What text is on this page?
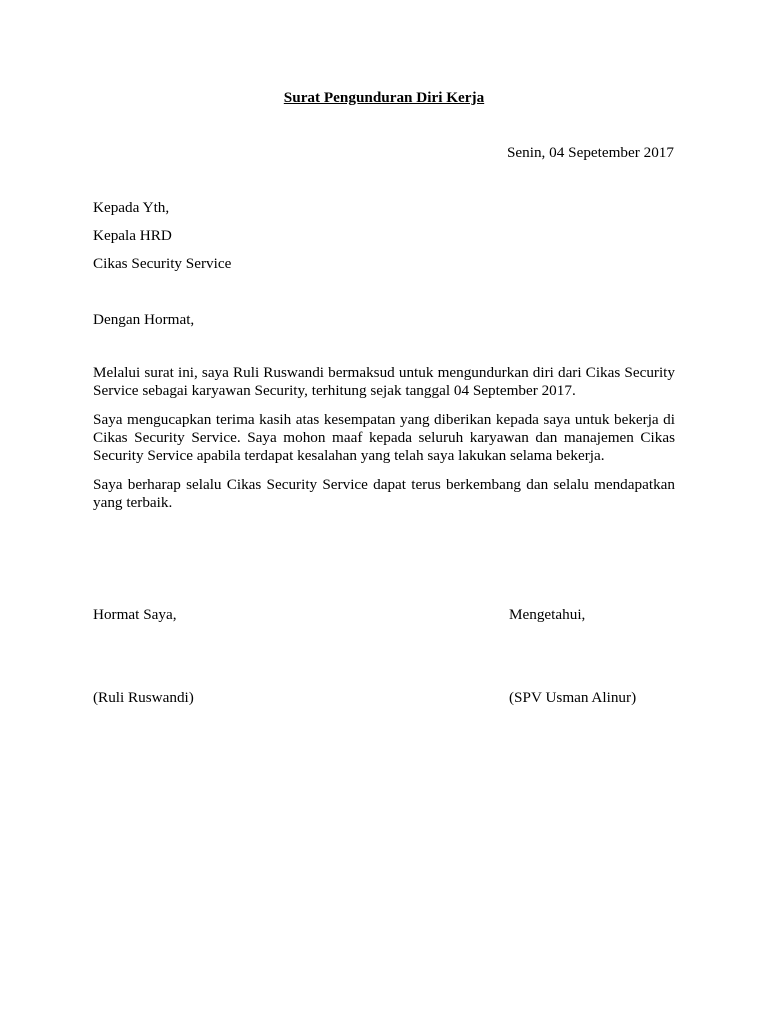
Surat Pengunduran Diri Kerja
Senin, 04 Sepetember 2017
Kepada Yth,
Kepala HRD
Cikas Security Service
Dengan Hormat,
Melalui surat ini, saya Ruli Ruswandi bermaksud untuk mengundurkan diri dari Cikas Security Service sebagai karyawan Security, terhitung sejak tanggal 04 September 2017.
Saya mengucapkan terima kasih atas kesempatan yang diberikan kepada saya untuk bekerja di Cikas Security Service. Saya mohon maaf kepada seluruh karyawan dan manajemen Cikas Security Service apabila terdapat kesalahan yang telah saya lakukan selama bekerja.
Saya berharap selalu Cikas Security Service dapat terus berkembang dan selalu mendapatkan yang terbaik.
Hormat Saya,	Mengetahui,
(Ruli Ruswandi)	(SPV Usman Alinur)
